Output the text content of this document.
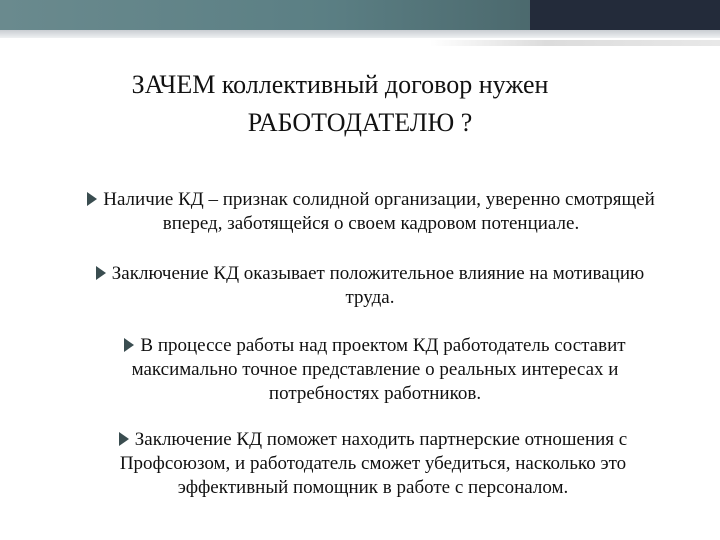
ЗАЧЕМ коллективный договор нужен
РАБОТОДАТЕЛЮ ?
Наличие КД – признак солидной организации, уверенно смотрящей
вперед, заботящейся о своем кадровом потенциале.
Заключение КД оказывает положительное влияние на мотивацию
труда.
В процессе работы над проектом КД работодатель составит
максимально точное представление о реальных интересах и
потребностях работников.
Заключение КД поможет находить партнерские отношения с
Профсоюзом, и работодатель сможет убедиться, насколько это
эффективный помощник в работе с персоналом.
